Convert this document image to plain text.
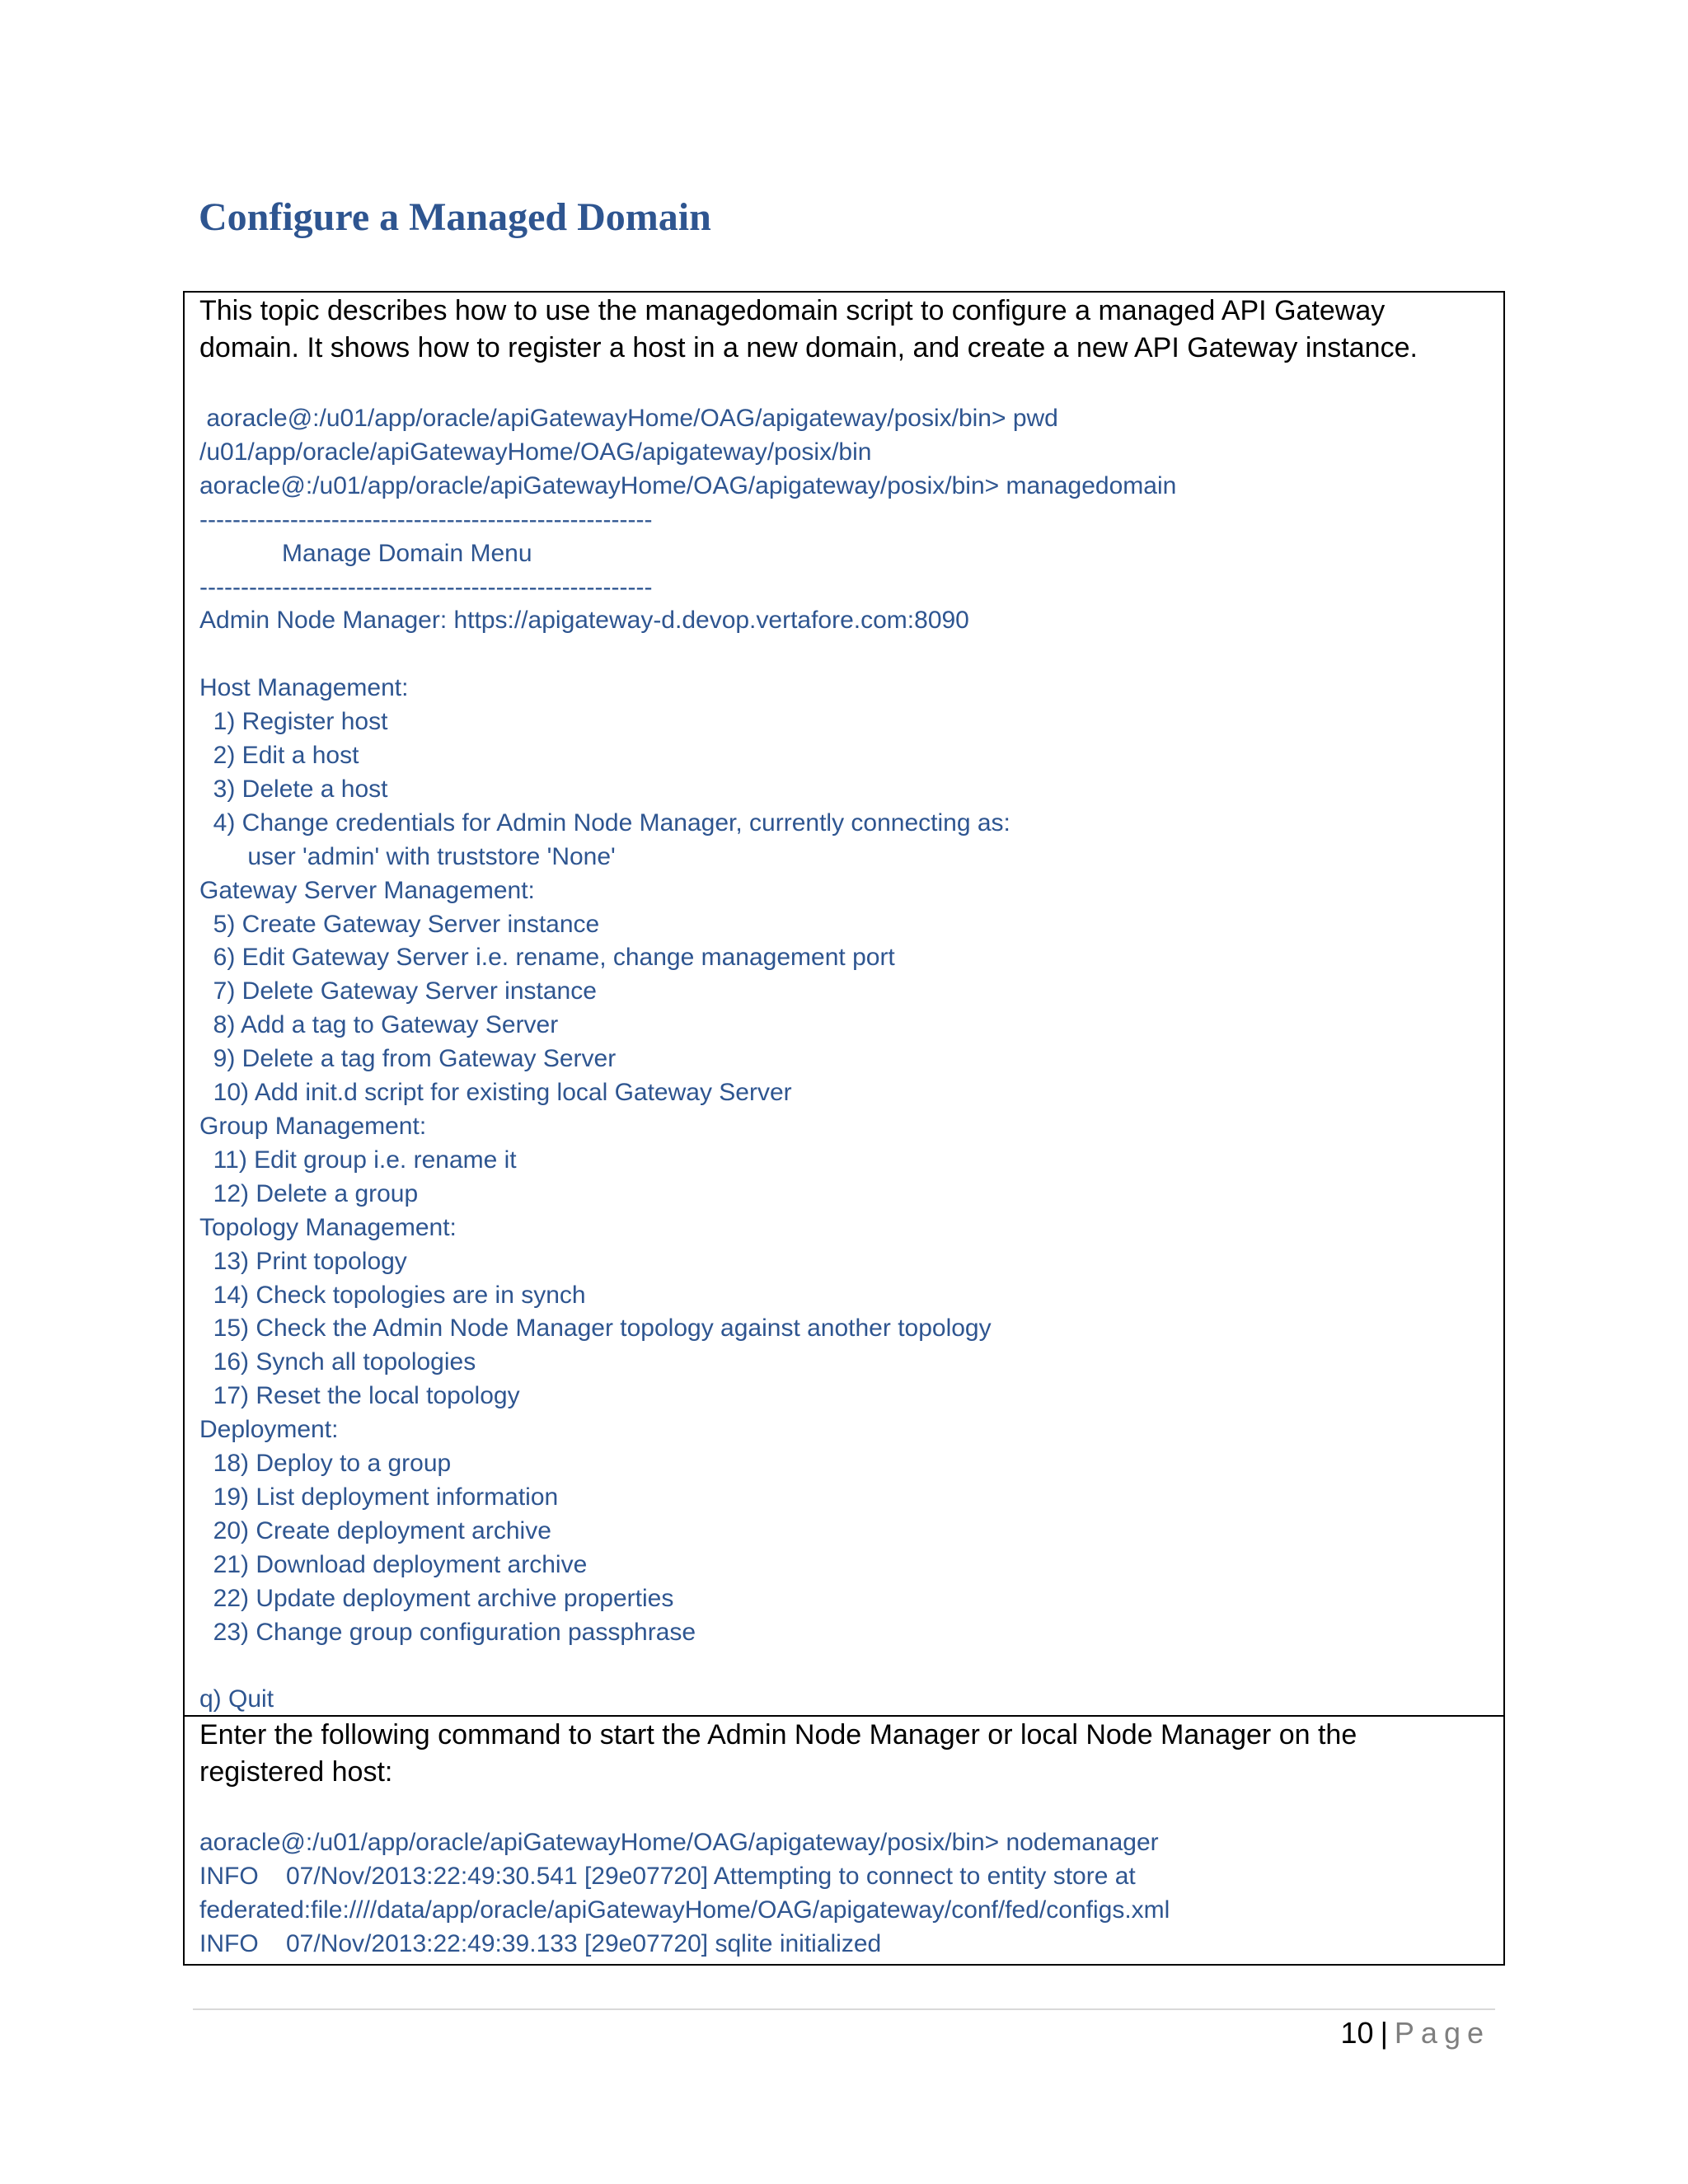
Configure a Managed Domain

This topic describes how to use the managedomain script to configure a managed API Gateway domain. It shows how to register a host in a new domain, and create a new API Gateway instance.

aoracle@:/u01/app/oracle/apiGatewayHome/OAG/apigateway/posix/bin> pwd
/u01/app/oracle/apiGatewayHome/OAG/apigateway/posix/bin
aoracle@:/u01/app/oracle/apiGatewayHome/OAG/apigateway/posix/bin> managedomain
-------------------------------------------------------
Manage Domain Menu
-------------------------------------------------------
Admin Node Manager: https://apigateway-d.devop.vertafore.com:8090
Host Management:
1) Register host
2) Edit a host
3) Delete a host
4) Change credentials for Admin Node Manager, currently connecting as:
user 'admin' with truststore 'None'
Gateway Server Management:
5) Create Gateway Server instance
6) Edit Gateway Server i.e. rename, change management port
7) Delete Gateway Server instance
8) Add a tag to Gateway Server
9) Delete a tag from Gateway Server
10) Add init.d script for existing local Gateway Server
Group Management:
11) Edit group i.e. rename it
12) Delete a group
Topology Management:
13) Print topology
14) Check topologies are in synch
15) Check the Admin Node Manager topology against another topology
16) Synch all topologies
17) Reset the local topology
Deployment:
18) Deploy to a group
19) List deployment information
20) Create deployment archive
21) Download deployment archive
22) Update deployment archive properties
23) Change group configuration passphrase
q) Quit

Enter the following command to start the Admin Node Manager or local Node Manager on the registered host:

aoracle@:/u01/app/oracle/apiGatewayHome/OAG/apigateway/posix/bin> nodemanager
INFO    07/Nov/2013:22:49:30.541 [29e07720] Attempting to connect to entity store at
federated:file:////data/app/oracle/apiGatewayHome/OAG/apigateway/conf/fed/configs.xml
INFO    07/Nov/2013:22:49:39.133 [29e07720] sqlite initialized
10 | Page
